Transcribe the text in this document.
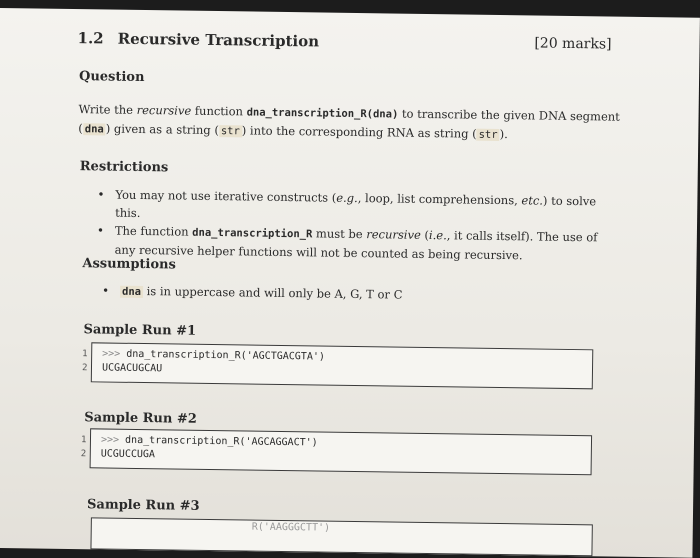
1.2 Recursive Transcription	[20 marks]
Question
Write the recursive function dna_transcription_R(dna) to transcribe the given DNA segment
( dna ) given as a string ( str ) into the corresponding RNA as string ( str ).
Restrictions
• You may not use iterative constructs (e.g., loop, list comprehensions, etc.) to solve this.
• The function dna_transcription_R must be recursive (i.e., it calls itself). The use of any recursive helper functions will not be counted as being recursive.
Assumptions
• dna is in uppercase and will only be A, G, T or C
Sample Run #1
1
2
>>> dna_transcription_R('AGCTGACGTA')
UCGACUGCAU
Sample Run #2
1
2
>>> dna_transcription_R('AGCAGGACT')
UCGUCCUGA
Sample Run #3
R('AAGGGCTT')
